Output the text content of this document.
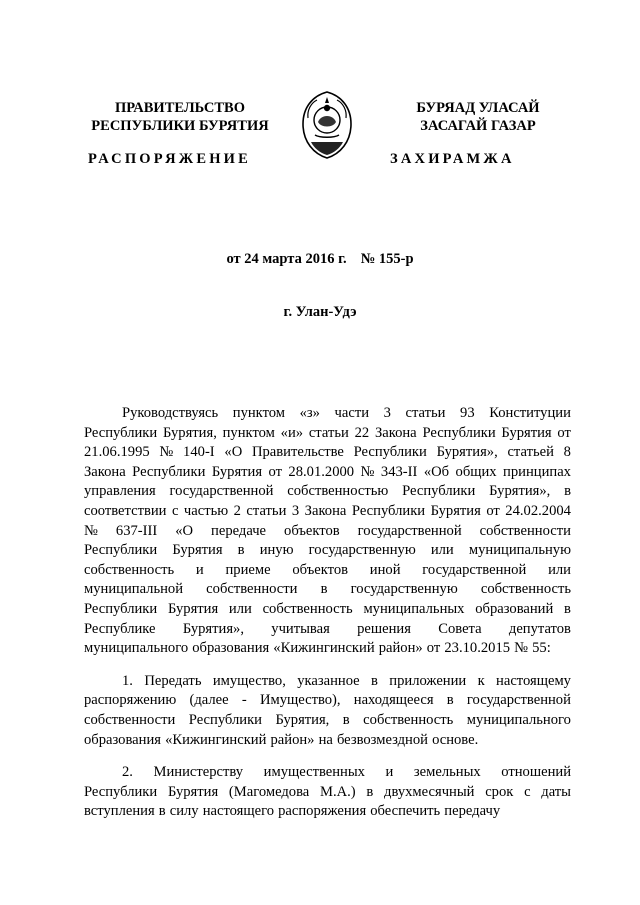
ПРАВИТЕЛЬСТВО
РЕСПУБЛИКИ БУРЯТИЯ
БУРЯАД УЛАСАЙ
ЗАСАГАЙ ГАЗАР
РАСПОРЯЖЕНИЕ	ЗАХИРАМЖА
от 24 марта 2016 г. № 155-р
г. Улан-Удэ
Руководствуясь пунктом «з» части 3 статьи 93 Конституции
Республики Бурятия, пунктом «и» статьи 22 Закона Республики Бурятия от
21.06.1995 № 140-I «О Правительстве Республики Бурятия», статьей 8
Закона Республики Бурятия от 28.01.2000 № 343-II «Об общих принципах
управления государственной собственностью Республики Бурятия», в
соответствии с частью 2 статьи 3 Закона Республики Бурятия от 24.02.2004
№ 637-III «О передаче объектов государственной собственности
Республики Бурятия в иную государственную или муниципальную
собственность и приеме объектов иной государственной или
муниципальной собственности в государственную собственность
Республики Бурятия или собственность муниципальных образований в
Республике Бурятия», учитывая решения Совета депутатов
муниципального образования «Кижингинский район» от 23.10.2015 № 55:
1. Передать имущество, указанное в приложении к настоящему
распоряжению (далее - Имущество), находящееся в государственной
собственности Республики Бурятия, в собственность муниципального
образования «Кижингинский район» на безвозмездной основе.
2. Министерству имущественных и земельных отношений
Республики Бурятия (Магомедова М.А.) в двухмесячный срок с даты
вступления в силу настоящего распоряжения обеспечить передачу
